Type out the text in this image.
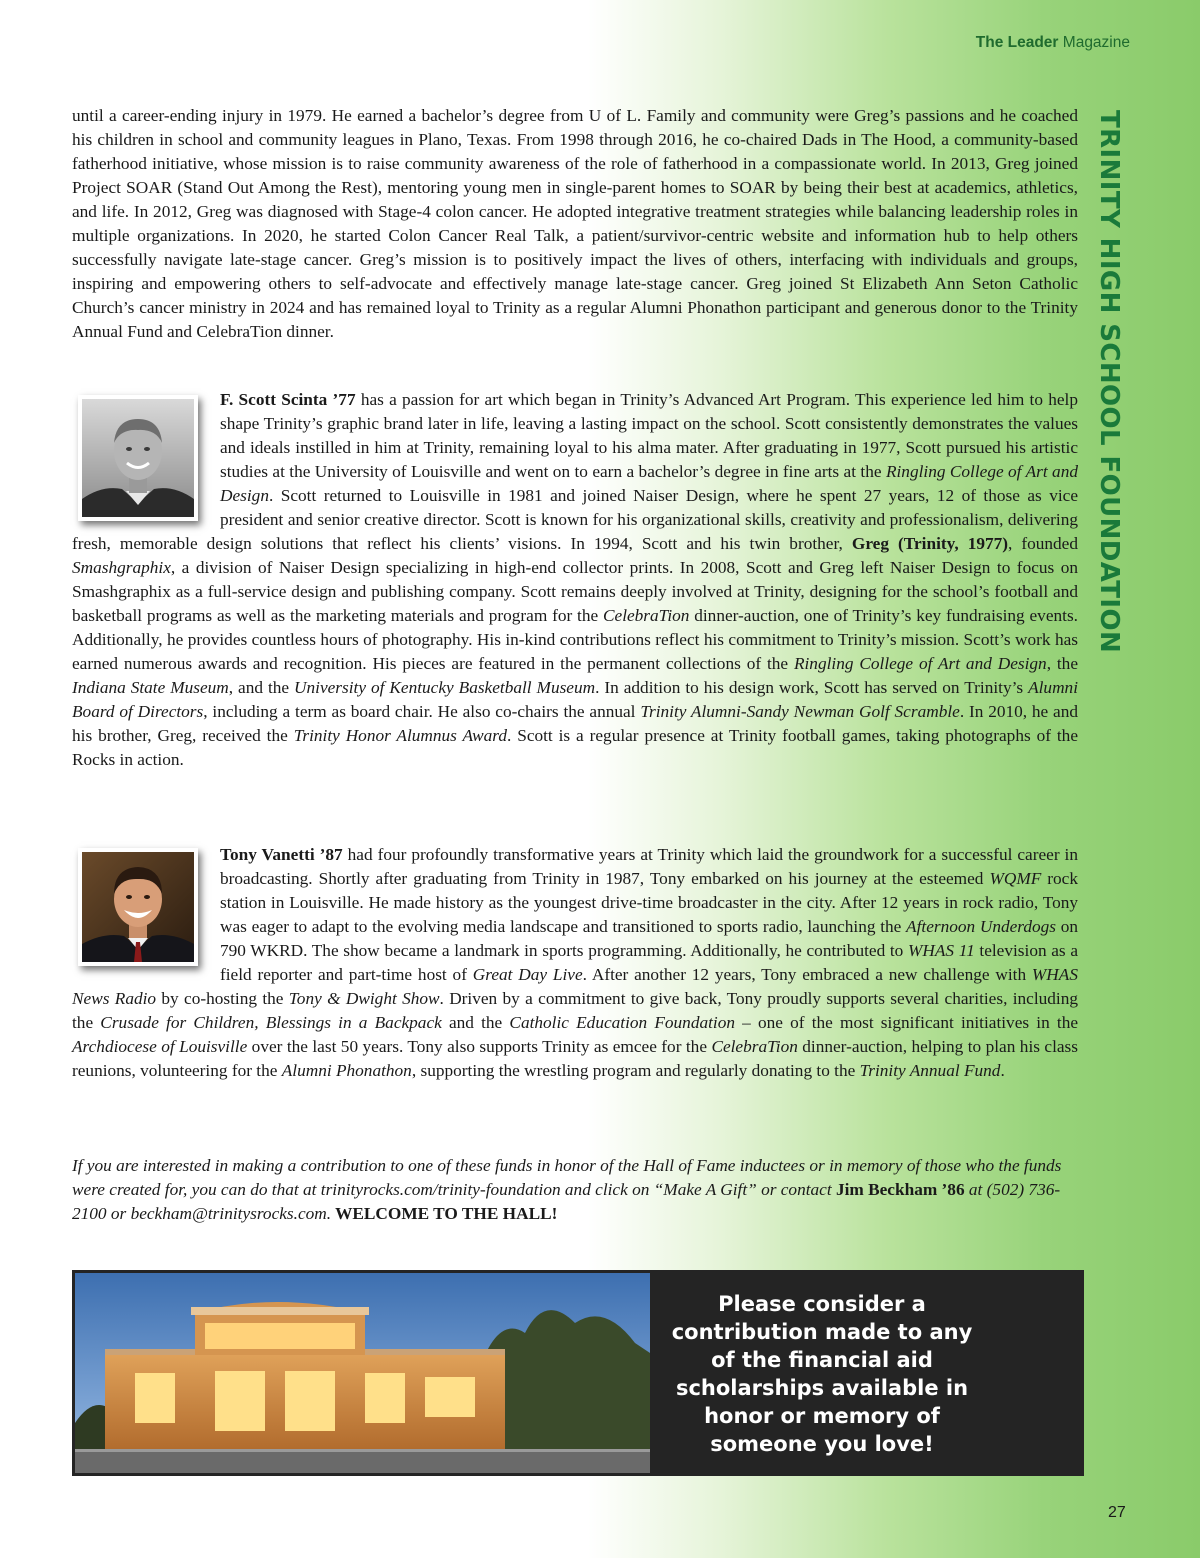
The Leader Magazine
TRINITY HIGH SCHOOL FOUNDATION

until a career-ending injury in 1979. He earned a bachelor’s degree from U of L. Family and community were Greg’s passions and he coached his children in school and community leagues in Plano, Texas. From 1998 through 2016, he co-chaired Dads in The Hood, a community-based fatherhood initiative, whose mission is to raise community awareness of the role of fatherhood in a compassionate world. In 2013, Greg joined Project SOAR (Stand Out Among the Rest), mentoring young men in single-parent homes to SOAR by being their best at academics, athletics, and life. In 2012, Greg was diagnosed with Stage-4 colon cancer. He adopted integrative treatment strategies while balancing leadership roles in multiple organizations. In 2020, he started Colon Cancer Real Talk, a patient/survivor-centric website and information hub to help others successfully navigate late-stage cancer. Greg’s mission is to positively impact the lives of others, interfacing with individuals and groups, inspiring and empowering others to self-advocate and effectively manage late-stage cancer. Greg joined St Elizabeth Ann Seton Catholic Church’s cancer ministry in 2024 and has remained loyal to Trinity as a regular Alumni Phonathon participant and generous donor to the Trinity Annual Fund and CelebraTion dinner.

F. Scott Scinta ’77 has a passion for art which began in Trinity’s Advanced Art Program. This experience led him to help shape Trinity’s graphic brand later in life, leaving a lasting impact on the school. Scott consistently demonstrates the values and ideals instilled in him at Trinity, remaining loyal to his alma mater. After graduating in 1977, Scott pursued his artistic studies at the University of Louisville and went on to earn a bachelor’s degree in fine arts at the Ringling College of Art and Design. Scott returned to Louisville in 1981 and joined Naiser Design, where he spent 27 years, 12 of those as vice president and senior creative director. Scott is known for his organizational skills, creativity and professionalism, delivering fresh, memorable design solutions that reflect his clients’ visions. In 1994, Scott and his twin brother, Greg (Trinity, 1977), founded Smashgraphix, a division of Naiser Design specializing in high-end collector prints. In 2008, Scott and Greg left Naiser Design to focus on Smashgraphix as a full-service design and publishing company. Scott remains deeply involved at Trinity, designing for the school’s football and basketball programs as well as the marketing materials and program for the CelebraTion dinner-auction, one of Trinity’s key fundraising events. Additionally, he provides countless hours of photography. His in-kind contributions reflect his commitment to Trinity’s mission. Scott’s work has earned numerous awards and recognition. His pieces are featured in the permanent collections of the Ringling College of Art and Design, the Indiana State Museum, and the University of Kentucky Basketball Museum. In addition to his design work, Scott has served on Trinity’s Alumni Board of Directors, including a term as board chair. He also co-chairs the annual Trinity Alumni-Sandy Newman Golf Scramble. In 2010, he and his brother, Greg, received the Trinity Honor Alumnus Award. Scott is a regular presence at Trinity football games, taking photographs of the Rocks in action.

Tony Vanetti ’87 had four profoundly transformative years at Trinity which laid the groundwork for a successful career in broadcasting. Shortly after graduating from Trinity in 1987, Tony embarked on his journey at the esteemed WQMF rock station in Louisville. He made history as the youngest drive-time broadcaster in the city. After 12 years in rock radio, Tony was eager to adapt to the evolving media landscape and transitioned to sports radio, launching the Afternoon Underdogs on 790 WKRD. The show became a landmark in sports programming. Additionally, he contributed to WHAS 11 television as a field reporter and part-time host of Great Day Live. After another 12 years, Tony embraced a new challenge with WHAS News Radio by co-hosting the Tony & Dwight Show. Driven by a commitment to give back, Tony proudly supports several charities, including the Crusade for Children, Blessings in a Backpack and the Catholic Education Foundation – one of the most significant initiatives in the Archdiocese of Louisville over the last 50 years. Tony also supports Trinity as emcee for the CelebraTion dinner-auction, helping to plan his class reunions, volunteering for the Alumni Phonathon, supporting the wrestling program and regularly donating to the Trinity Annual Fund.

If you are interested in making a contribution to one of these funds in honor of the Hall of Fame inductees or in memory of those who the funds were created for, you can do that at trinityrocks.com/trinity-foundation and click on “Make A Gift” or contact Jim Beckham ’86 at (502) 736-2100 or beckham@trinitysrocks.com. WELCOME TO THE HALL!

Please consider a contribution made to any of the financial aid scholarships available in honor or memory of someone you love!
27
